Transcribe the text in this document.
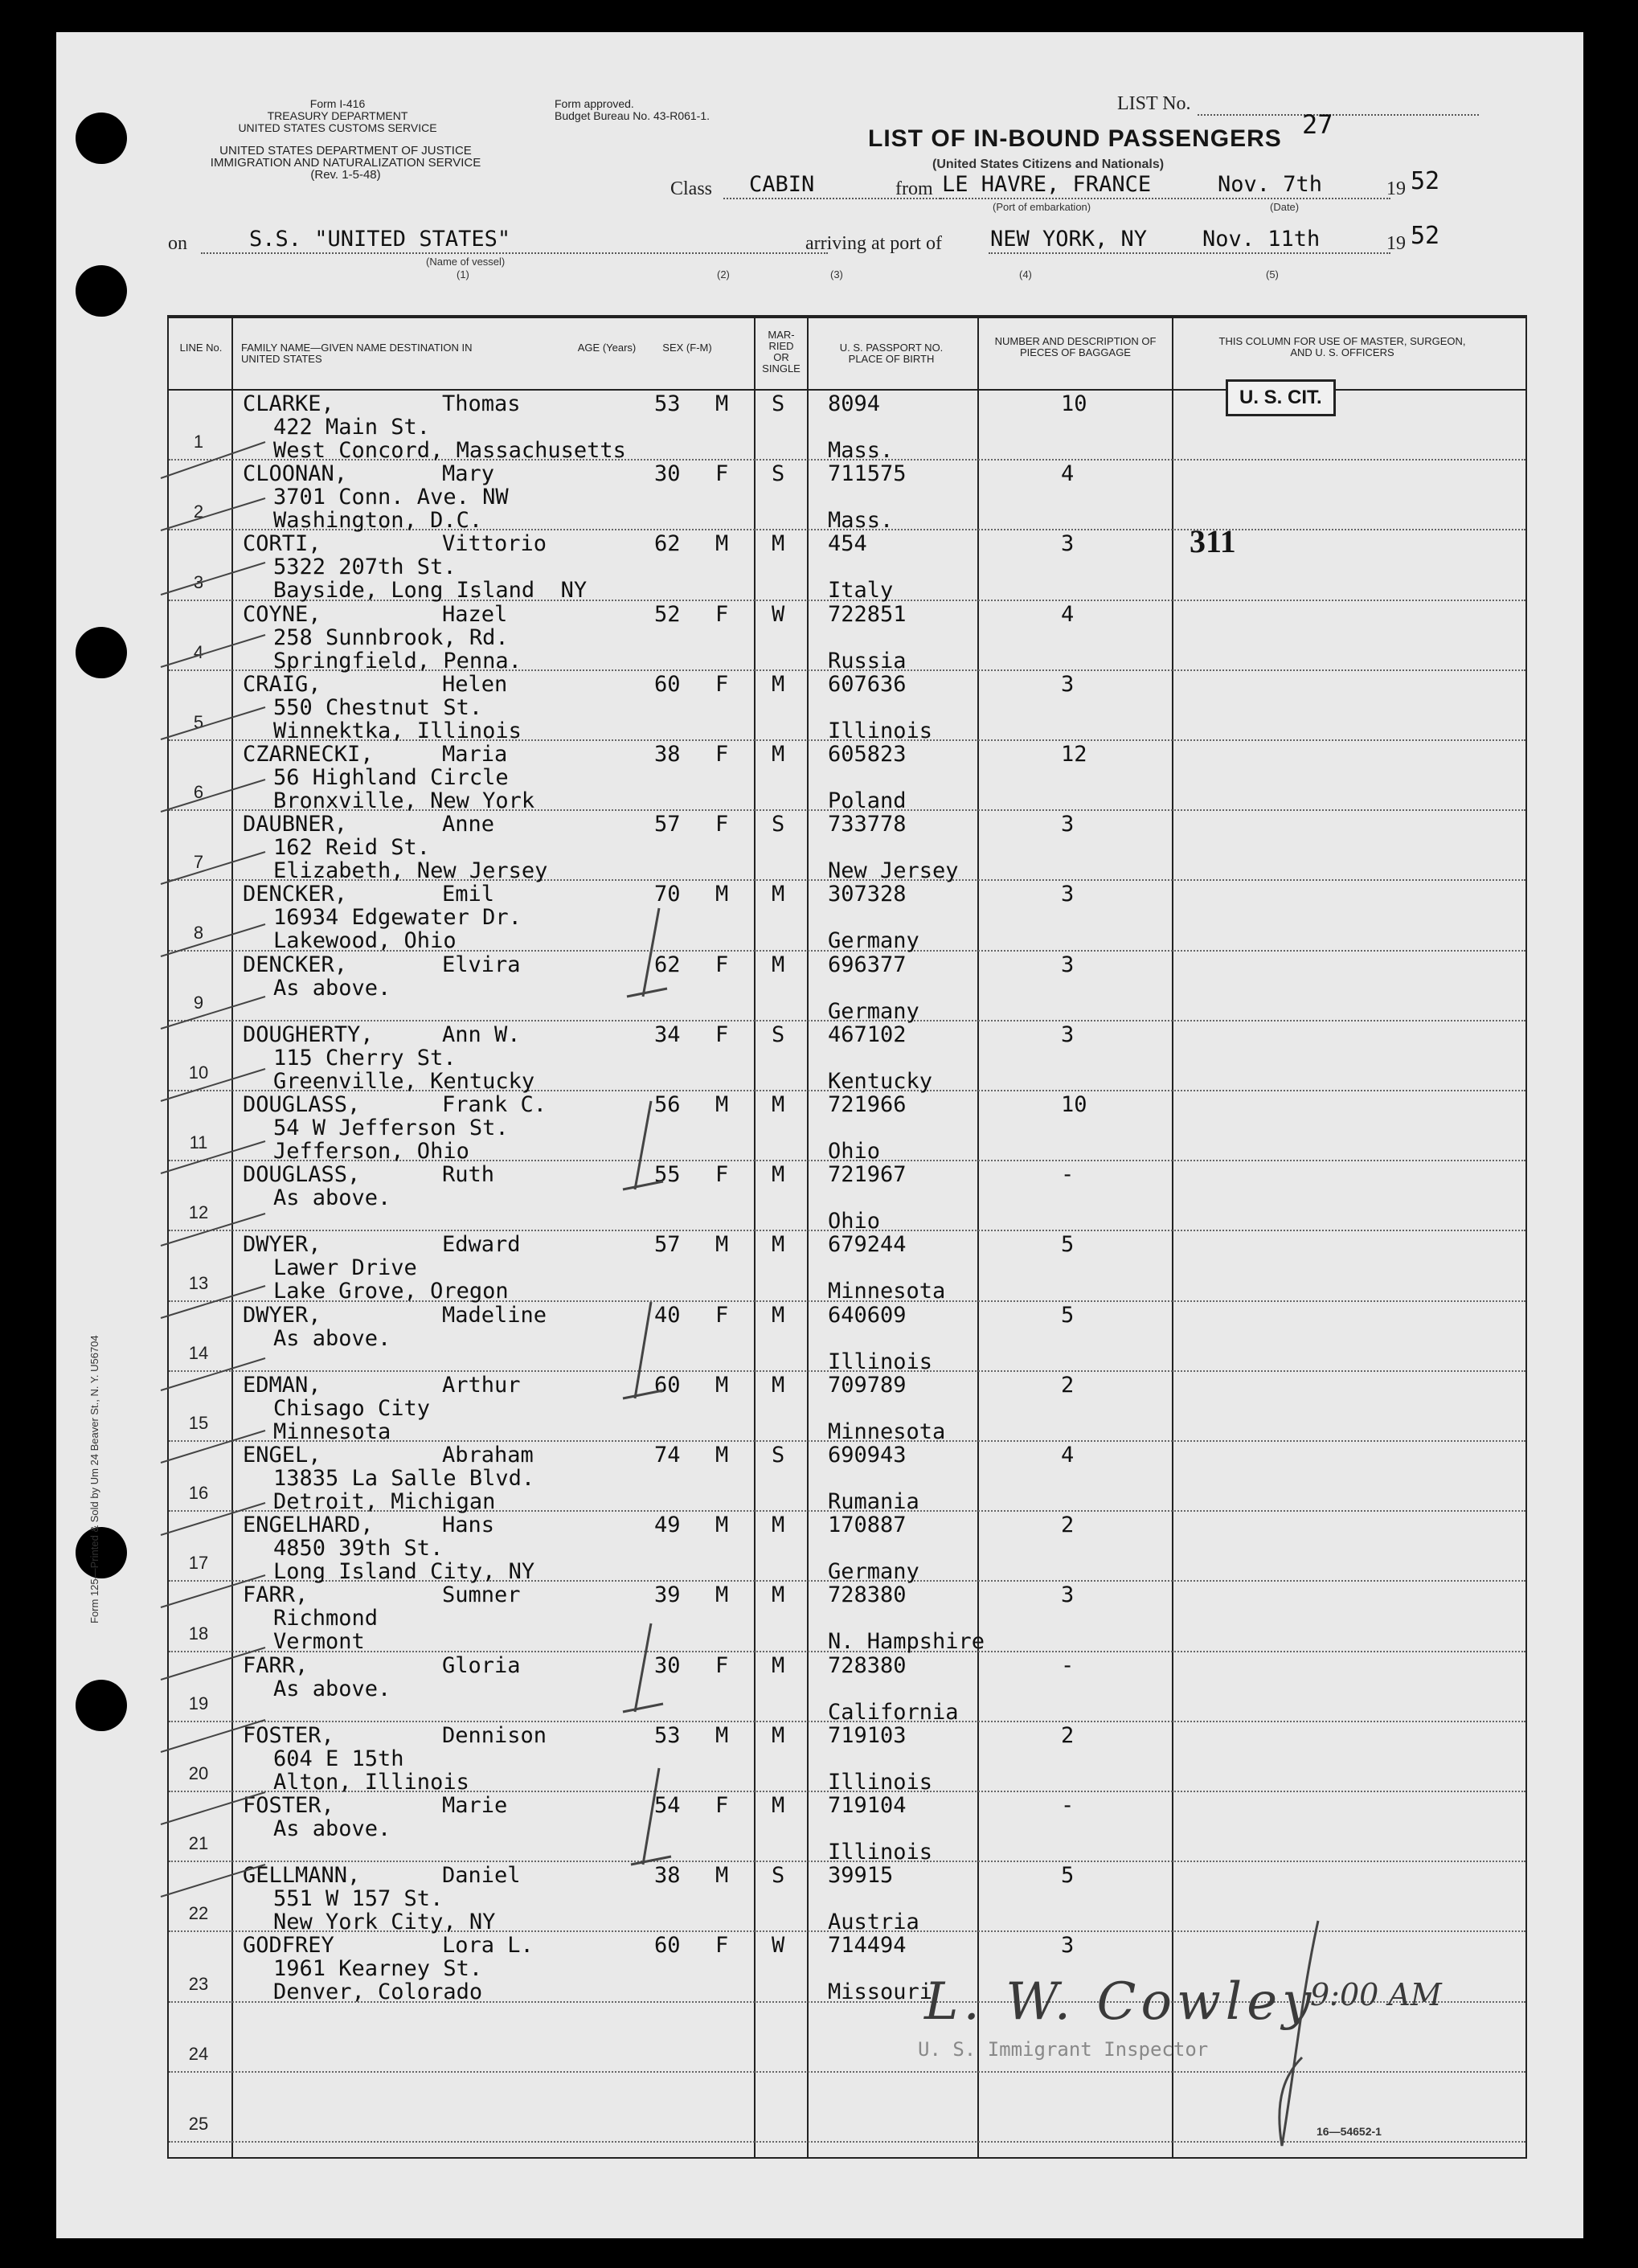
Form 125—Printed & Sold by Um 24 Beaver St., N. Y. U56704
Form I-416
TREASURY DEPARTMENT
UNITED STATES CUSTOMS SERVICE
UNITED STATES DEPARTMENT OF JUSTICE
IMMIGRATION AND NATURALIZATION SERVICE
(Rev. 1-5-48)
Form approved.
Budget Bureau No. 43-R061-1.
LIST No.
27
LIST OF IN-BOUND PASSENGERS
(United States Citizens and Nationals)
Class CABIN	from LE HAVRE, FRANCE
(Port of embarkation)
Nov. 7th
(Date)
19 52
on	S.S. "UNITED STATES"
(Name of vessel)
arriving at port of NEW YORK, NY	Nov. 11th	19 52
(1)	(2)	(3)	(4)	(5)
LINE No.	FAMILY NAME—GIVEN NAME DESTINATION IN UNITED STATES
AGE (Years)	SEX (F-M)
MAR-RIED OR SINGLE
U. S. PASSPORT NO. PLACE OF BIRTH
NUMBER AND DESCRIPTION OF PIECES OF BAGGAGE
THIS COLUMN FOR USE OF MASTER, SURGEON, AND U. S. OFFICERS
1
CLARKE,	Thomas	53 M S 8094	10
422 Main St.
West Concord, Massachusetts	Mass.
2
CLOONAN,	Mary	30 F S 711575	4
3701 Conn. Ave. NW
Washington, D.C.	Mass.
3
CORTI,	Vittorio	62 M M 454	3
5322 207th St.
Bayside, Long Island  NY	Italy
4
COYNE,	Hazel	52 F W 722851	4
258 Sunnbrook, Rd.
Springfield, Penna.	Russia
5
CRAIG,	Helen	60 F M 607636	3
550 Chestnut St.
Winnektka, Illinois	Illinois
6
CZARNECKI,	Maria	38 F M 605823	12
56 Highland Circle
Bronxville, New York	Poland
7
DAUBNER,	Anne	57 F S 733778	3
162 Reid St.
Elizabeth, New Jersey	New Jersey
8
DENCKER,	Emil	70 M M 307328	3
16934 Edgewater Dr.
Lakewood, Ohio	Germany
9
DENCKER,	Elvira	62 F M 696377	3
As above.
Germany
10
DOUGHERTY,	Ann W.	34 F S 467102	3
115 Cherry St.
Greenville, Kentucky	Kentucky
11
DOUGLASS,	Frank C.	56 M M 721966	10
54 W Jefferson St.
Jefferson, Ohio	Ohio
12
DOUGLASS,	Ruth	55 F M 721967	-
As above.
Ohio
13
DWYER,	Edward	57 M M 679244	5
Lawer Drive
Lake Grove, Oregon	Minnesota
14
DWYER,	Madeline	40 F M 640609	5
As above.
Illinois
15
EDMAN,	Arthur	60 M M 709789	2
Chisago City
Minnesota	Minnesota
16
ENGEL,	Abraham	74 M S 690943	4
13835 La Salle Blvd.
Detroit, Michigan	Rumania
17
ENGELHARD,	Hans	49 M M 170887	2
4850 39th St.
Long Island City, NY	Germany
18
FARR,	Sumner	39 M M 728380	3
Richmond
Vermont	N. Hampshire
19
FARR,	Gloria	30 F M 728380	-
As above.
California
20
FOSTER,	Dennison	53 M M 719103	2
604 E 15th
Alton, Illinois	Illinois
21
FOSTER,	Marie	54 F M 719104	-
As above.
Illinois
22
GELLMANN,	Daniel	38 M S 39915	5
551 W 157 St.
New York City, NY	Austria
23
GODFREY	Lora L.	60 F W 714494	3
1961 Kearney St.
Denver, Colorado	Missouri
24
25
U. S. CIT.
311
L. W. Cowley
9:00 AM
U. S. Immigrant Inspector
16—54652-1
